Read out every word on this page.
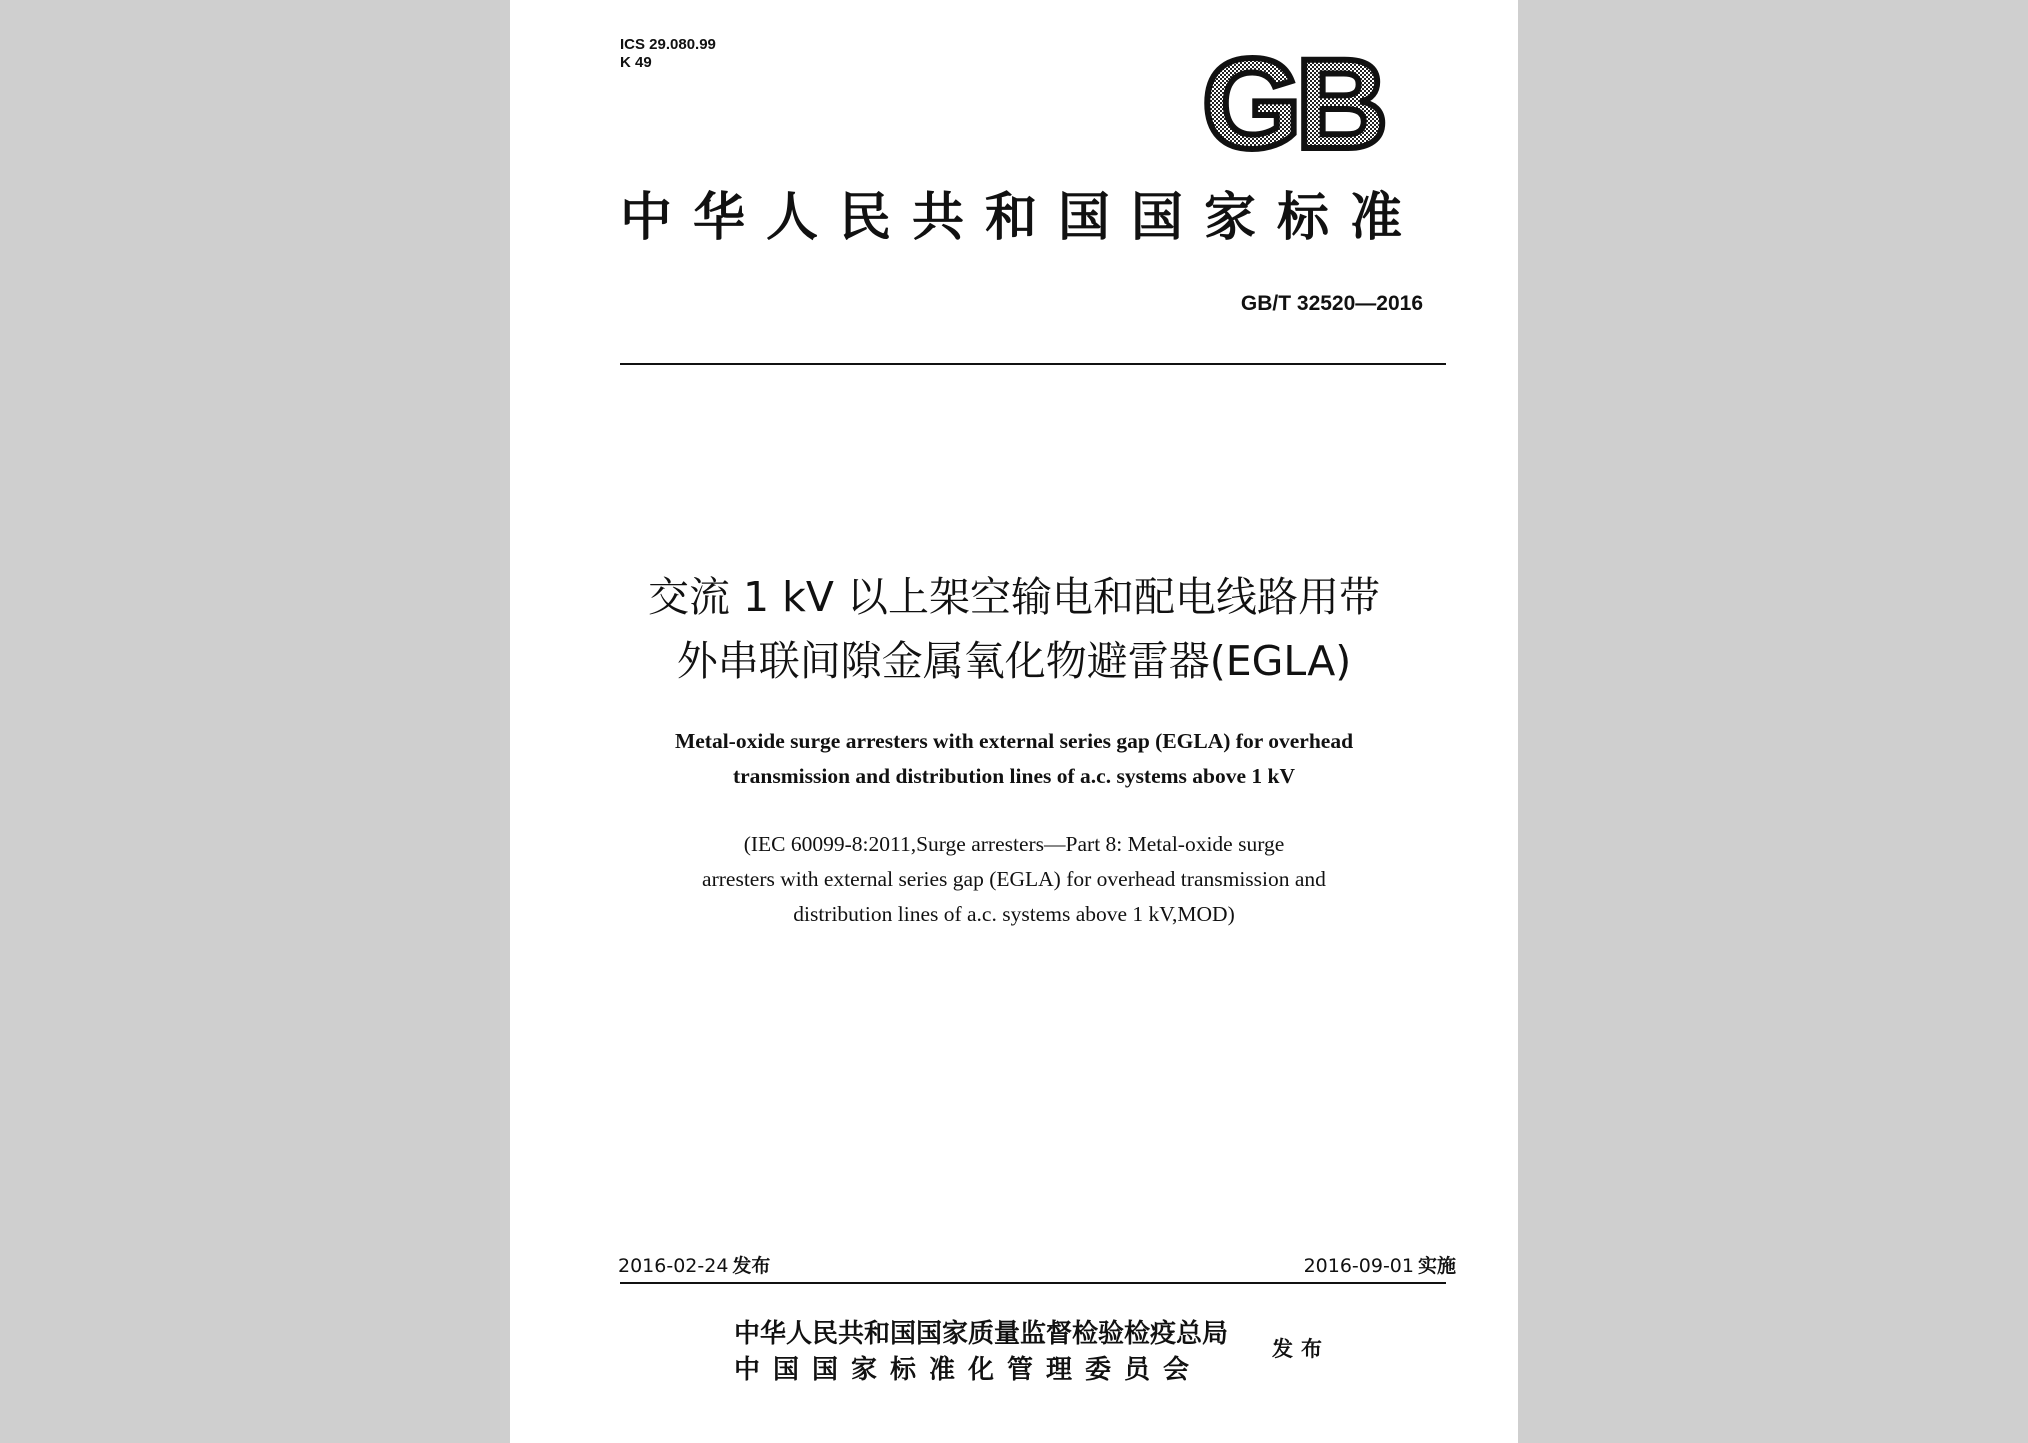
ICS 29.080.99
K 49	GB
中华人民共和国国家标准
GB/T 32520—2016
交流 1 kV 以上架空输电和配电线路用带
外串联间隙金属氧化物避雷器(EGLA)
Metal-oxide surge arresters with external series gap (EGLA) for overhead
transmission and distribution lines of a.c. systems above 1 kV
(IEC 60099-8:2011,Surge arresters—Part 8: Metal-oxide surge
arresters with external series gap (EGLA) for overhead transmission and
distribution lines of a.c. systems above 1 kV,MOD)
2016-02-24 发布	2016-09-01 实施
中华人民共和国国家质量监督检验检疫总局
中国国家标准化管理委员会
发布
